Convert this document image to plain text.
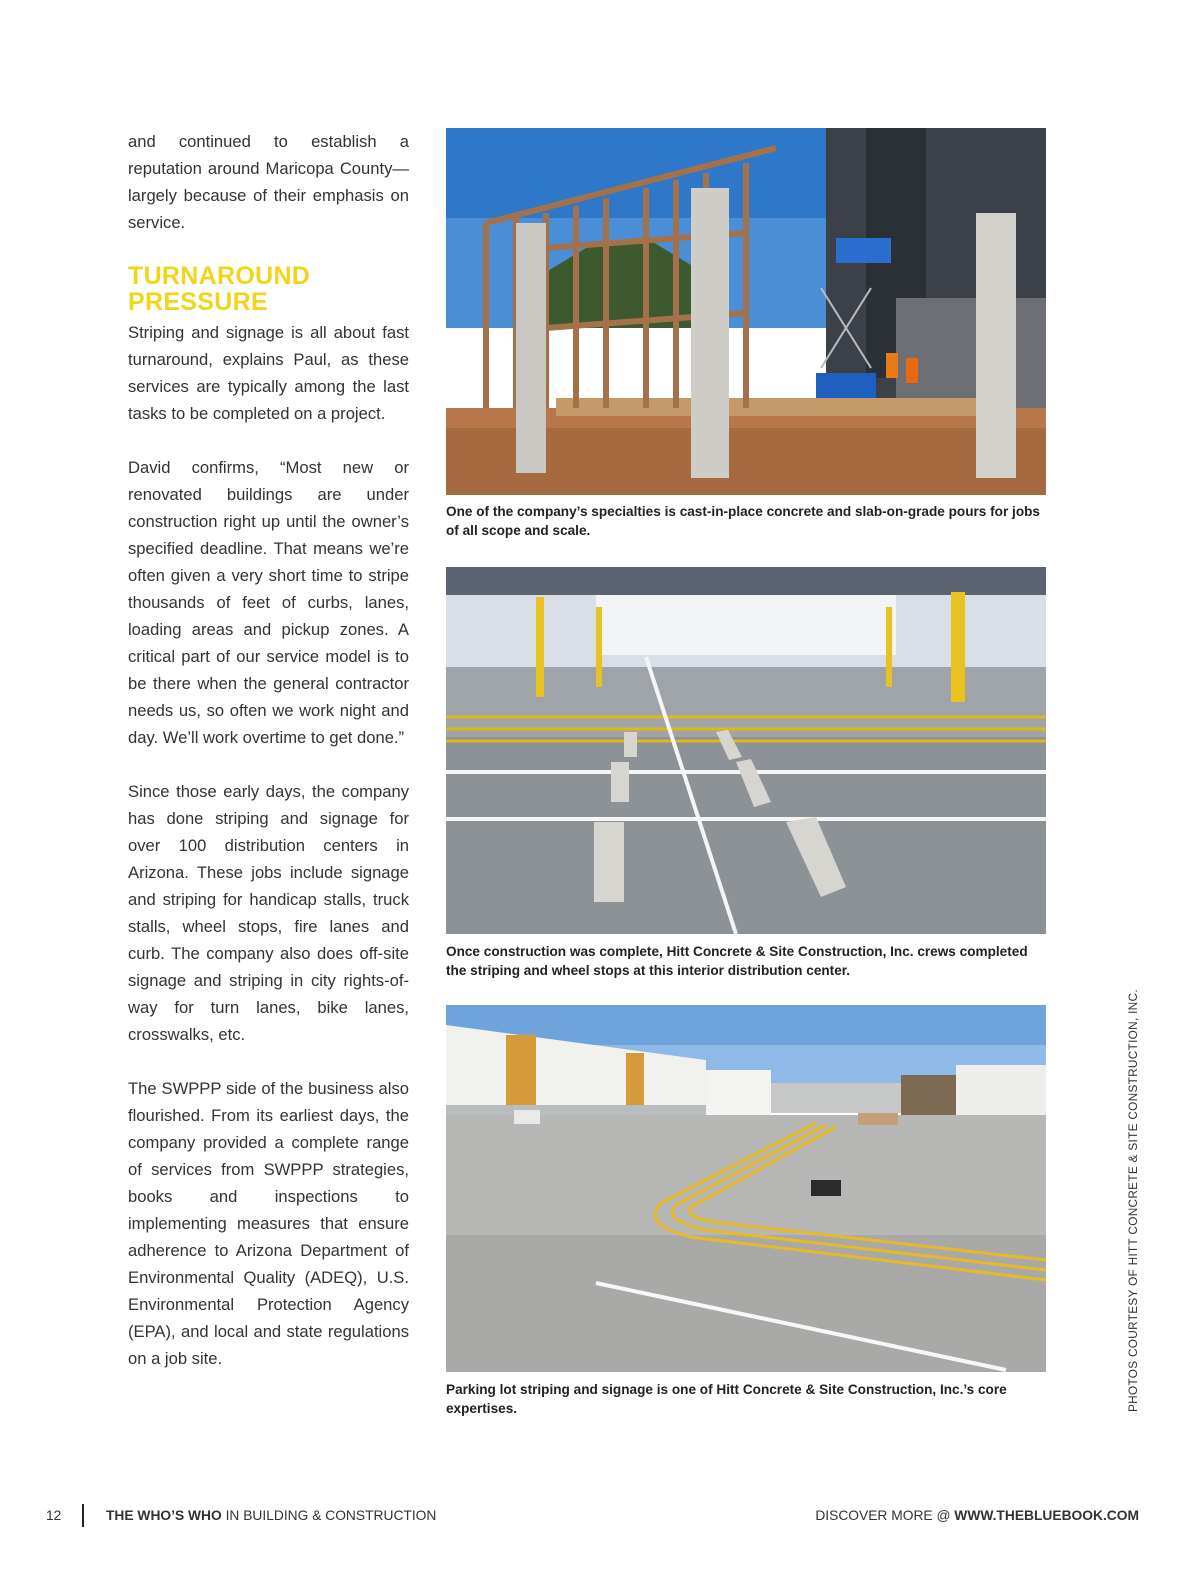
and continued to establish a reputation around Maricopa County—largely because of their emphasis on service.

TURNAROUND PRESSURE

Striping and signage is all about fast turnaround, explains Paul, as these services are typically among the last tasks to be completed on a project.

David confirms, “Most new or renovated buildings are under construction right up until the owner’s specified deadline. That means we’re often given a very short time to stripe thousands of feet of curbs, lanes, loading areas and pickup zones. A critical part of our service model is to be there when the general contractor needs us, so often we work night and day. We’ll work overtime to get done.”

Since those early days, the company has done striping and signage for over 100 distribution centers in Arizona. These jobs include signage and striping for handicap stalls, truck stalls, wheel stops, fire lanes and curb. The company also does off-site signage and striping in city rights-of-way for turn lanes, bike lanes, crosswalks, etc.

The SWPPP side of the business also flourished. From its earliest days, the company provided a complete range of services from SWPPP strategies, books and inspections to implementing measures that ensure adherence to Arizona Department of Environmental Quality (ADEQ), U.S. Environmental Protection Agency (EPA), and local and state regulations on a job site.

One of the company’s specialties is cast-in-place concrete and slab-on-grade pours for jobs of all scope and scale.
Once construction was complete, Hitt Concrete & Site Construction, Inc. crews completed the striping and wheel stops at this interior distribution center.
Parking lot striping and signage is one of Hitt Concrete & Site Construction, Inc.’s core expertises.	PHOTOS COURTESY OF HITT CONCRETE & SITE CONSTRUCTION, INC.
12	THE WHO’S WHO IN BUILDING & CONSTRUCTION	DISCOVER MORE @ WWW.THEBLUEBOOK.COM
